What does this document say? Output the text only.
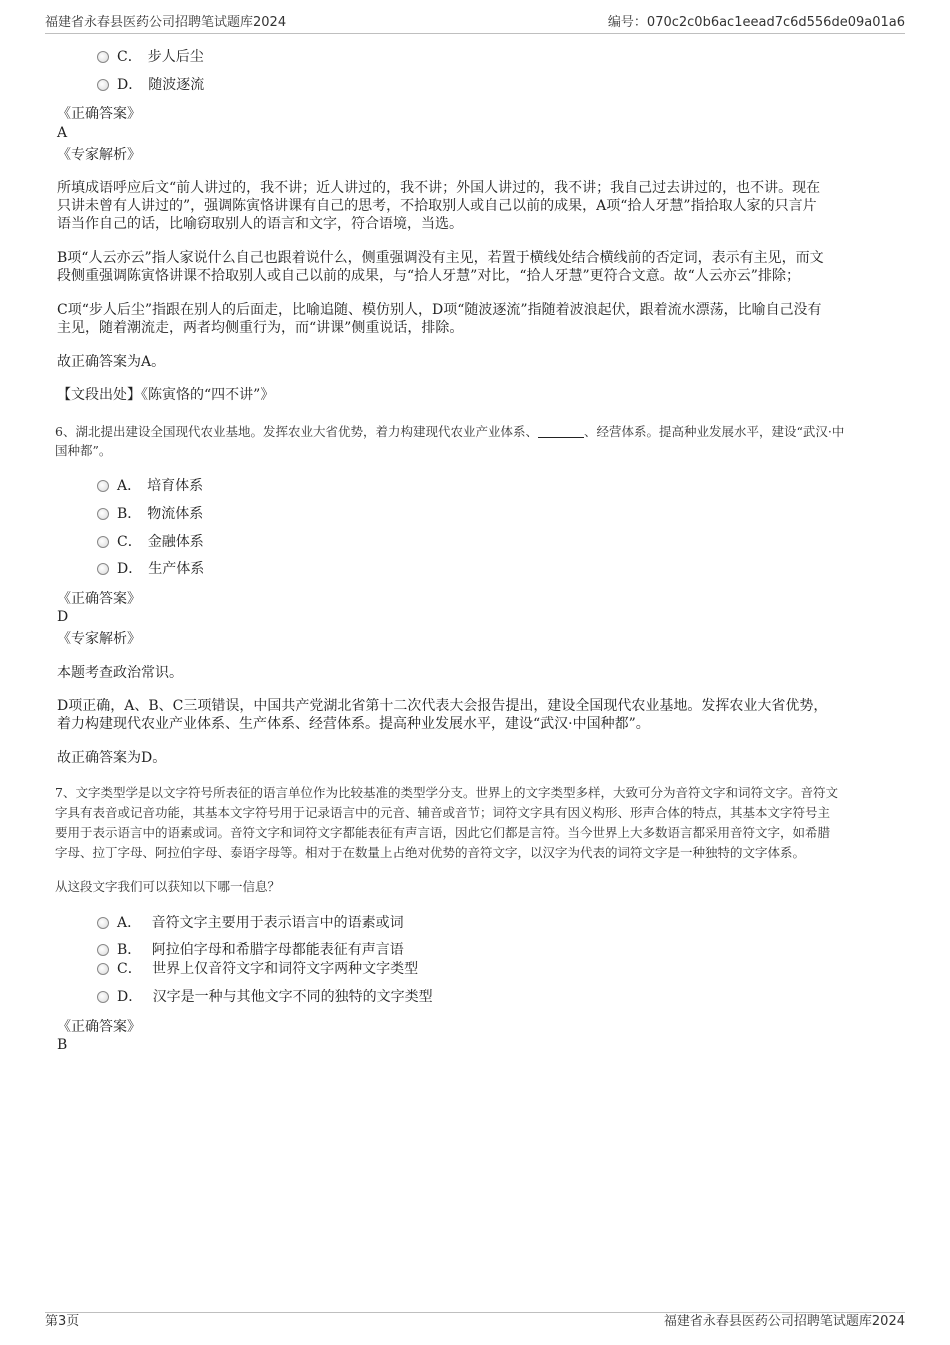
福建省永春县医药公司招聘笔试题库2024	编号：070c2c0b6ac1eead7c6d556de09a01a6
C． 步人后尘
D． 随波逐流
《正确答案》
A
《专家解析》
所填成语呼应后文“前人讲过的，我不讲；近人讲过的，我不讲；外国人讲过的，我不讲；我自己过去讲过的，也不讲。现在
只讲未曾有人讲过的”，强调陈寅恪讲课有自己的思考，不拾取别人或自己以前的成果，A项“拾人牙慧”指拾取人家的只言片
语当作自己的话，比喻窃取别人的语言和文字，符合语境，当选。
B项“人云亦云”指人家说什么自己也跟着说什么，侧重强调没有主见，若置于横线处结合横线前的否定词，表示有主见，而文
段侧重强调陈寅恪讲课不拾取别人或自己以前的成果，与“拾人牙慧”对比，“拾人牙慧”更符合文意。故“人云亦云”排除；
C项“步人后尘”指跟在别人的后面走，比喻追随、模仿别人，D项“随波逐流”指随着波浪起伏，跟着流水漂荡，比喻自己没有
主见，随着潮流走，两者均侧重行为，而“讲课”侧重说话，排除。
故正确答案为A。
【文段出处】《陈寅恪的“四不讲”》
6、湖北提出建设全国现代农业基地。发挥农业大省优势，着力构建现代农业产业体系、	、经营体系。提高种业发展水平，建设“武汉·中
国种都”。
A． 培育体系
B． 物流体系
C． 金融体系
D． 生产体系
《正确答案》
D
《专家解析》
本题考查政治常识。
D项正确，A、B、C三项错误，中国共产党湖北省第十二次代表大会报告提出，建设全国现代农业基地。发挥农业大省优势，
着力构建现代农业产业体系、生产体系、经营体系。提高种业发展水平，建设“武汉·中国种都”。
故正确答案为D。
7、文字类型学是以文字符号所表征的语言单位作为比较基准的类型学分支。世界上的文字类型多样，大致可分为音符文字和词符文字。音符文
字具有表音或记音功能，其基本文字符号用于记录语言中的元音、辅音或音节；词符文字具有因义构形、形声合体的特点，其基本文字符号主
要用于表示语言中的语素或词。音符文字和词符文字都能表征有声言语，因此它们都是言符。当今世界上大多数语言都采用音符文字，如希腊
字母、拉丁字母、阿拉伯字母、泰语字母等。相对于在数量上占绝对优势的音符文字，以汉字为代表的词符文字是一种独特的文字体系。
从这段文字我们可以获知以下哪一信息？
A． 音符文字主要用于表示语言中的语素或词
B． 阿拉伯字母和希腊字母都能表征有声言语
C． 世界上仅音符文字和词符文字两种文字类型
D． 汉字是一种与其他文字不同的独特的文字类型
《正确答案》
B
第3页	福建省永春县医药公司招聘笔试题库2024
